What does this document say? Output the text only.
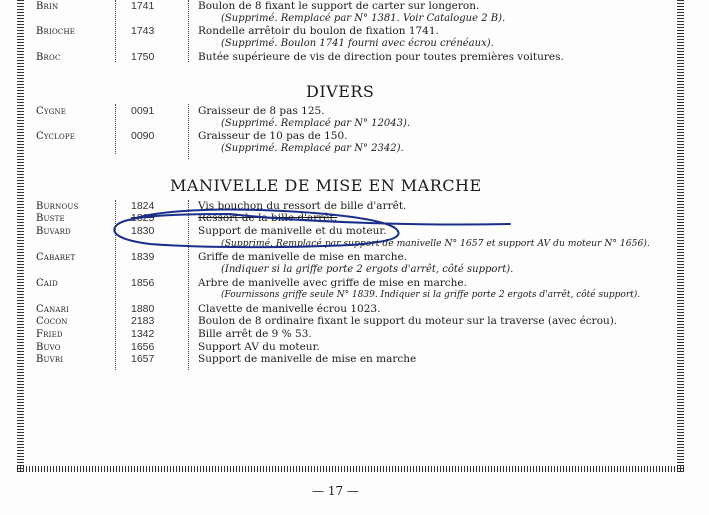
Brin	1741	Boulon de 8 fixant le support de carter sur longeron.
(Supprimé. Remplacé par N° 1381. Voir Catalogue 2 B).
Brioche	1743	Rondelle arrêtoir du boulon de fixation 1741.
(Supprimé. Boulon 1741 fourni avec écrou crénéaux).
Broc	1750	Butée supérieure de vis de direction pour toutes premières voitures.
DIVERS
Cygne	0091	Graisseur de 8 pas 125.
(Supprimé. Remplacé par N° 12043).
Cyclope	0090	Graisseur de 10 pas de 150.
(Supprimé. Remplacé par N° 2342).
MANIVELLE DE MISE EN MARCHE
Burnous	1824	Vis bouchon du ressort de bille d'arrêt.
Buste	1825	Ressort de la bille d'arrêt.
Buvard	1830	Support de manivelle et du moteur.
(Supprimé. Remplacé par support de manivelle N° 1657 et support AV du moteur N° 1656).
Cabaret	1839	Griffe de manivelle de mise en marche.
(Indiquer si la griffe porte 2 ergots d'arrêt, côté support).
Caid	1856	Arbre de manivelle avec griffe de mise en marche.
(Fournissons griffe seule N° 1839. Indiquer si la griffe porte 2 ergots d'arrêt, côté support).
Canari	1880	Clavette de manivelle écrou 1023.
Cocon	2183	Boulon de 8 ordinaire fixant le support du moteur sur la traverse (avec écrou).
Fried	1342	Bille arrêt de 9 % 53.
Buvo	1656	Support AV du moteur.
Buvri	1657	Support de manivelle de mise en marche
— 17 —
